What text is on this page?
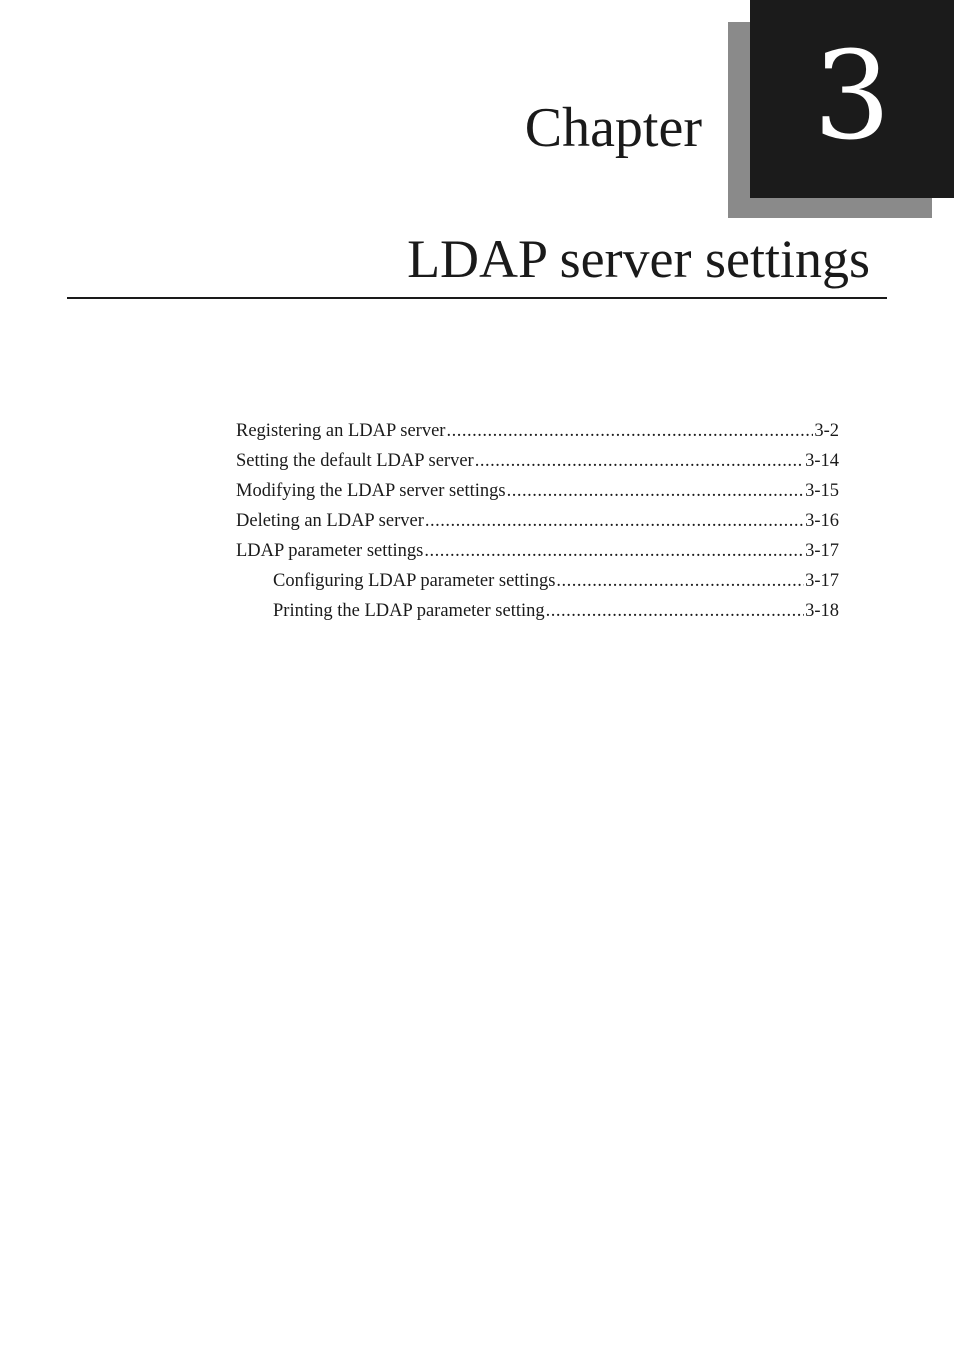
3
Chapter
LDAP server settings
Registering an LDAP server .....	3-2
Setting the default LDAP server .....	3-14
Modifying the LDAP server settings .....	3-15
Deleting an LDAP server .....	3-16
LDAP parameter settings .....	3-17
Configuring LDAP parameter settings .....	3-17
Printing the LDAP parameter setting .....	3-18
